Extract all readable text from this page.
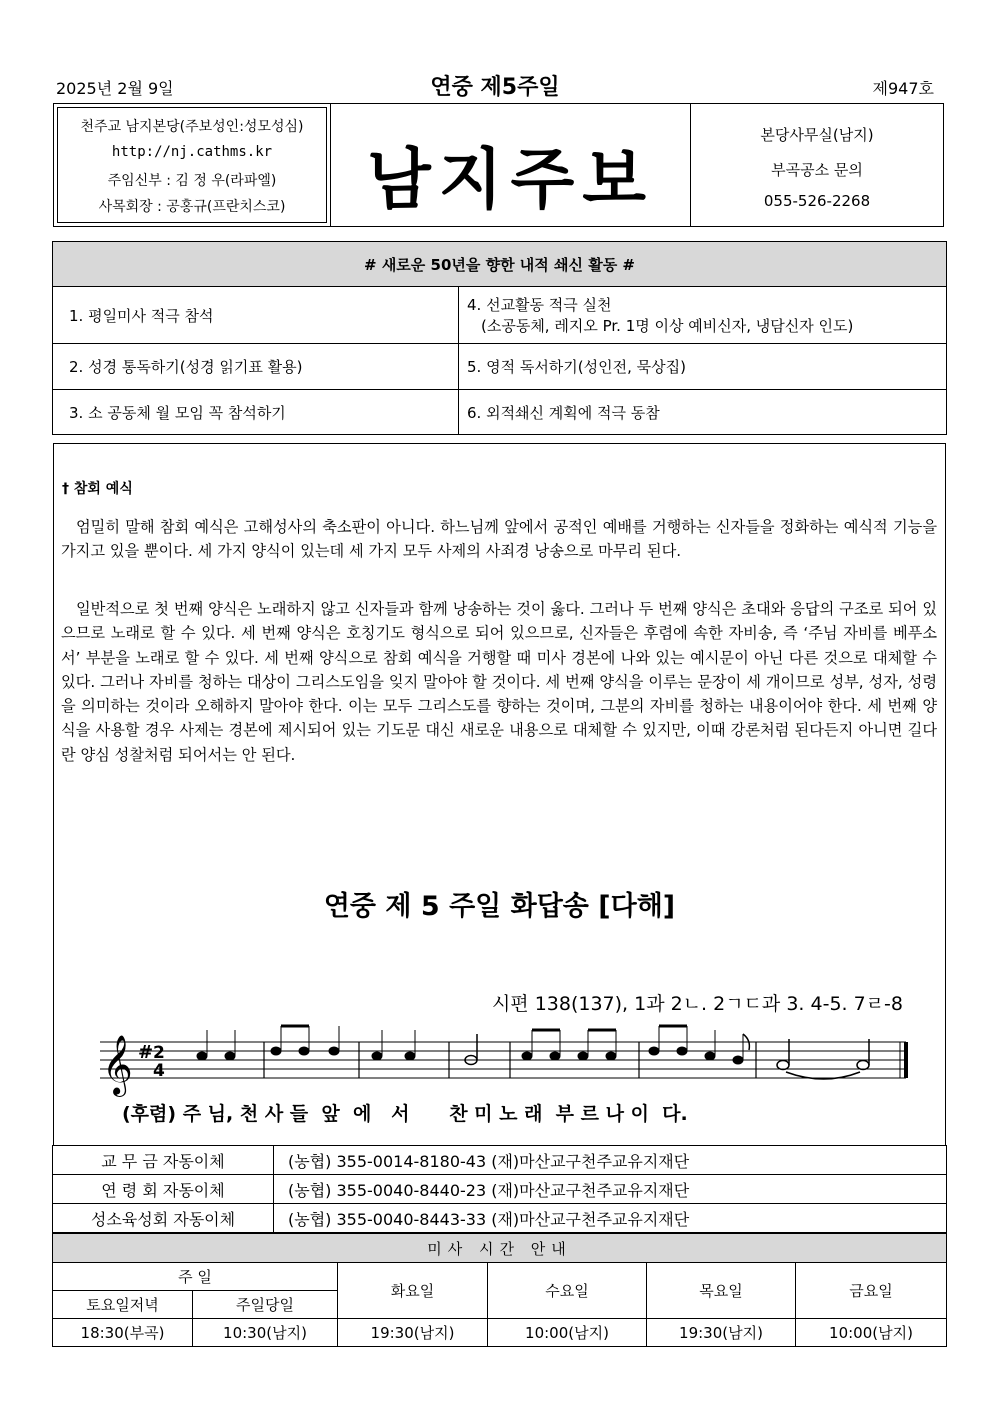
2025년 2월 9일	연중 제5주일	제947호
천주교 남지본당(주보성인:성모성심)
http://nj.cathms.kr
주임신부 : 김 정 우(라파엘)
사목회장 : 공홍규(프란치스코)	남지주보
본당사무실(남지)
부곡공소 문의
055-526-2268
# 새로운 50년을 향한 내적 쇄신 활동 #	
1. 평일미사 적극 참석	4. 선교활동 적극 실천
(소공동체, 레지오 Pr. 1명 이상 예비신자, 냉담신자 인도)

2. 성경 통독하기(성경 읽기표 활용)	5. 영적 독서하기(성인전, 묵상집)
3. 소 공동체 월 모임 꼭 참석하기	6. 외적쇄신 계획에 적극 동참
† 참회 예식

엄밀히 말해 참회 예식은 고해성사의 축소판이 아니다. 하느님께 앞에서 공적인 예배를 거행하는 신자들을 정화하는 예식적 기능을 가지고 있을 뿐이다. 세 가지 양식이 있는데 세 가지 모두 사제의 사죄경 낭송으로 마무리 된다.

일반적으로 첫 번째 양식은 노래하지 않고 신자들과 함께 낭송하는 것이 옳다. 그러나 두 번째 양식은 초대와 응답의 구조로 되어 있으므로 노래로 할 수 있다. 세 번째 양식은 호칭기도 형식으로 되어 있으므로, 신자들은 후렴에 속한 자비송, 즉 ‘주님 자비를 베푸소서’ 부분을 노래로 할 수 있다. 세 번째 양식으로 참회 예식을 거행할 때 미사 경본에 나와 있는 예시문이 아닌 다른 것으로 대체할 수 있다. 그러나 자비를 청하는 대상이 그리스도임을 잊지 말아야 할 것이다. 세 번째 양식을 이루는 문장이 세 개이므로 성부, 성자, 성령을 의미하는 것이라 오해하지 말아야 한다. 이는 모두 그리스도를 향하는 것이며, 그분의 자비를 청하는 내용이어야 한다. 세 번째 양식을 사용할 경우 사제는 경본에 제시되어 있는 기도문 대신 새로운 내용으로 대체할 수 있지만, 이때 강론처럼 된다든지 아니면 길다란 양심 성찰처럼 되어서는 안 된다.

연중 제 5 주일 화답송 [다해]
시편 138(137), 1과 2ㄴ. 2ㄱㄷ과 3. 4-5. 7ㄹ-8
𝄞 # 2
4
(후렴) 주 님, 천 사 들  앞  에   서      찬 미 노 래  부 르 나 이  다.
교 무 금 자동이체	(농협) 355-0014-8180-43 (재)마산교구천주교유지재단
연 령 회 자동이체	(농협) 355-0040-8440-23 (재)마산교구천주교유지재단
성소육성회 자동이체	(농협) 355-0040-8443-33 (재)마산교구천주교유지재단
미사 시간 안내					
주 일		화요일	수요일	목요일	금요일
토요일저녁	주일당일				
18:30(부곡)	10:30(남지)	19:30(남지)	10:00(남지)	19:30(남지)	10:00(남지)
